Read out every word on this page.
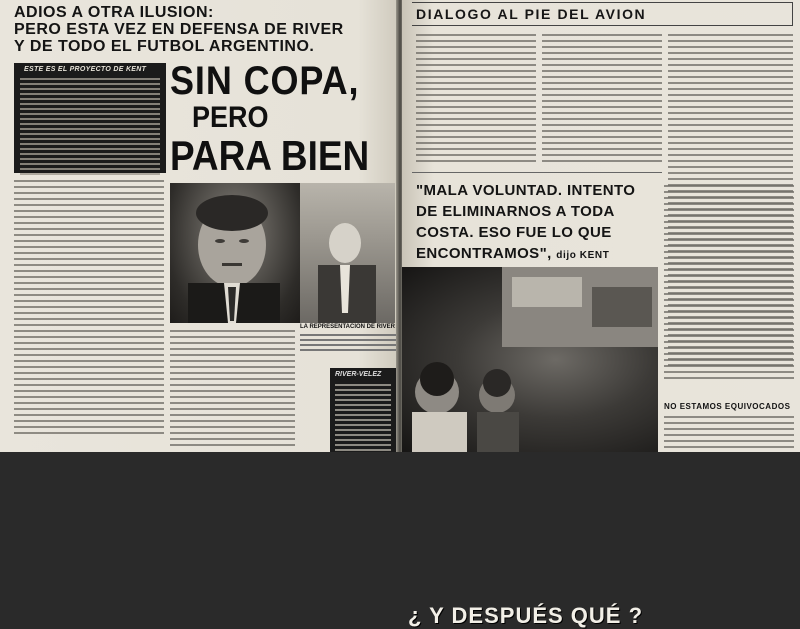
ADIOS A OTRA ILUSION:
PERO ESTA VEZ EN DEFENSA DE RIVER
Y DE TODO EL FUTBOL ARGENTINO.
ESTE ES EL PROYECTO DE KENT SIN COPA,
PERO
PARA BIEN
LA REPRESENTACION DE RIVER
RIVER-VELEZ
DIALOGO AL PIE DEL AVION
"MALA VOLUNTAD. INTENTO
DE ELIMINARNOS A TODA
COSTA. ESO FUE LO QUE
ENCONTRAMOS", dijo KENT
¿ Y DESPUÉS QUÉ ?
NO ESTAMOS EQUIVOCADOS
